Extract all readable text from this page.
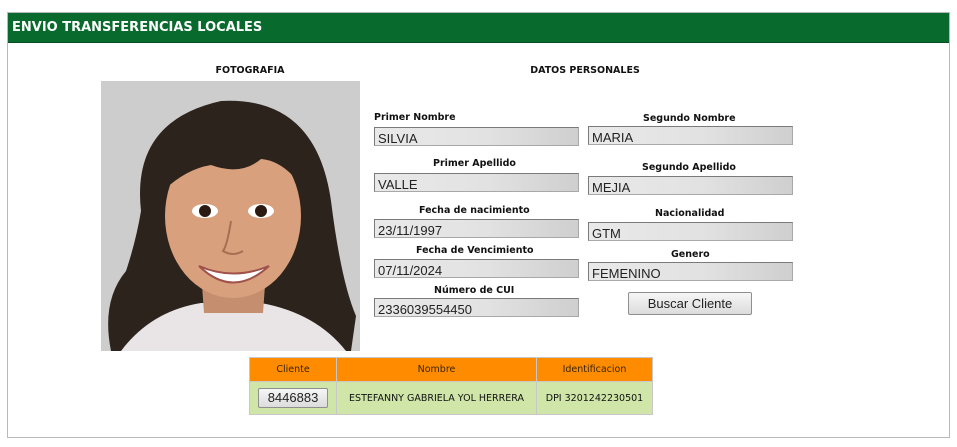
ENVIO TRANSFERENCIAS LOCALES
FOTOGRAFIA	DATOS PERSONALES
Primer Nombre
SILVIA
Segundo Nombre
MARIA
Primer Apellido
VALLE
Segundo Apellido
MEJIA
Fecha de nacimiento
23/11/1997
Nacionalidad
GTM
Fecha de Vencimiento
07/11/2024
Genero
FEMENINO
Número de CUI
2336039554450	Buscar Cliente
Cliente	Nombre	Identificacion
8446883	ESTEFANNY GABRIELA YOL HERRERA	DPI 3201242230501
